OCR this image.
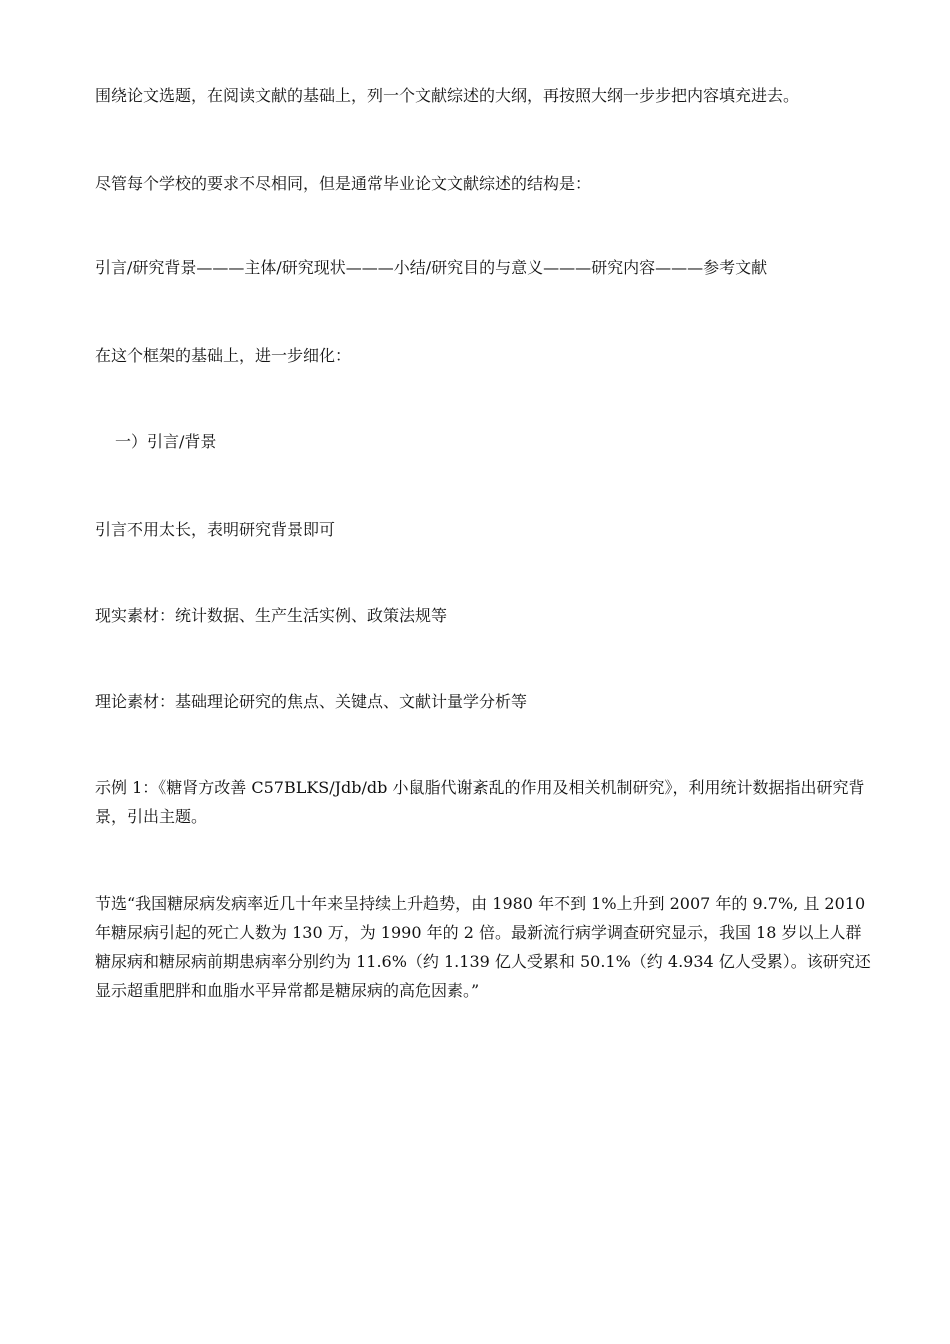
围绕论文选题，在阅读文献的基础上，列一个文献综述的大纲，再按照大纲一步步把内容填充进去。
尽管每个学校的要求不尽相同，但是通常毕业论文文献综述的结构是：
引言/研究背景———主体/研究现状———小结/研究目的与意义———研究内容———参考文献
在这个框架的基础上，进一步细化：
一）引言/背景
引言不用太长，表明研究背景即可
现实素材：统计数据、生产生活实例、政策法规等
理论素材：基础理论研究的焦点、关键点、文献计量学分析等
示例 1：《糖肾方改善 C57BLKS/Jdb/db 小鼠脂代谢紊乱的作用及相关机制研究》，利用统计数据指出研究背景，引出主题。
节选“我国糖尿病发病率近几十年来呈持续上升趋势，由 1980 年不到 1%上升到 2007 年的 9.7%, 且 2010 年糖尿病引起的死亡人数为 130 万，为 1990 年的 2 倍。最新流行病学调查研究显示，我国 18 岁以上人群糖尿病和糖尿病前期患病率分别约为 11.6%（约 1.139 亿人受累和 50.1%（约 4.934 亿人受累）。该研究还显示超重肥胖和血脂水平异常都是糖尿病的高危因素。”
